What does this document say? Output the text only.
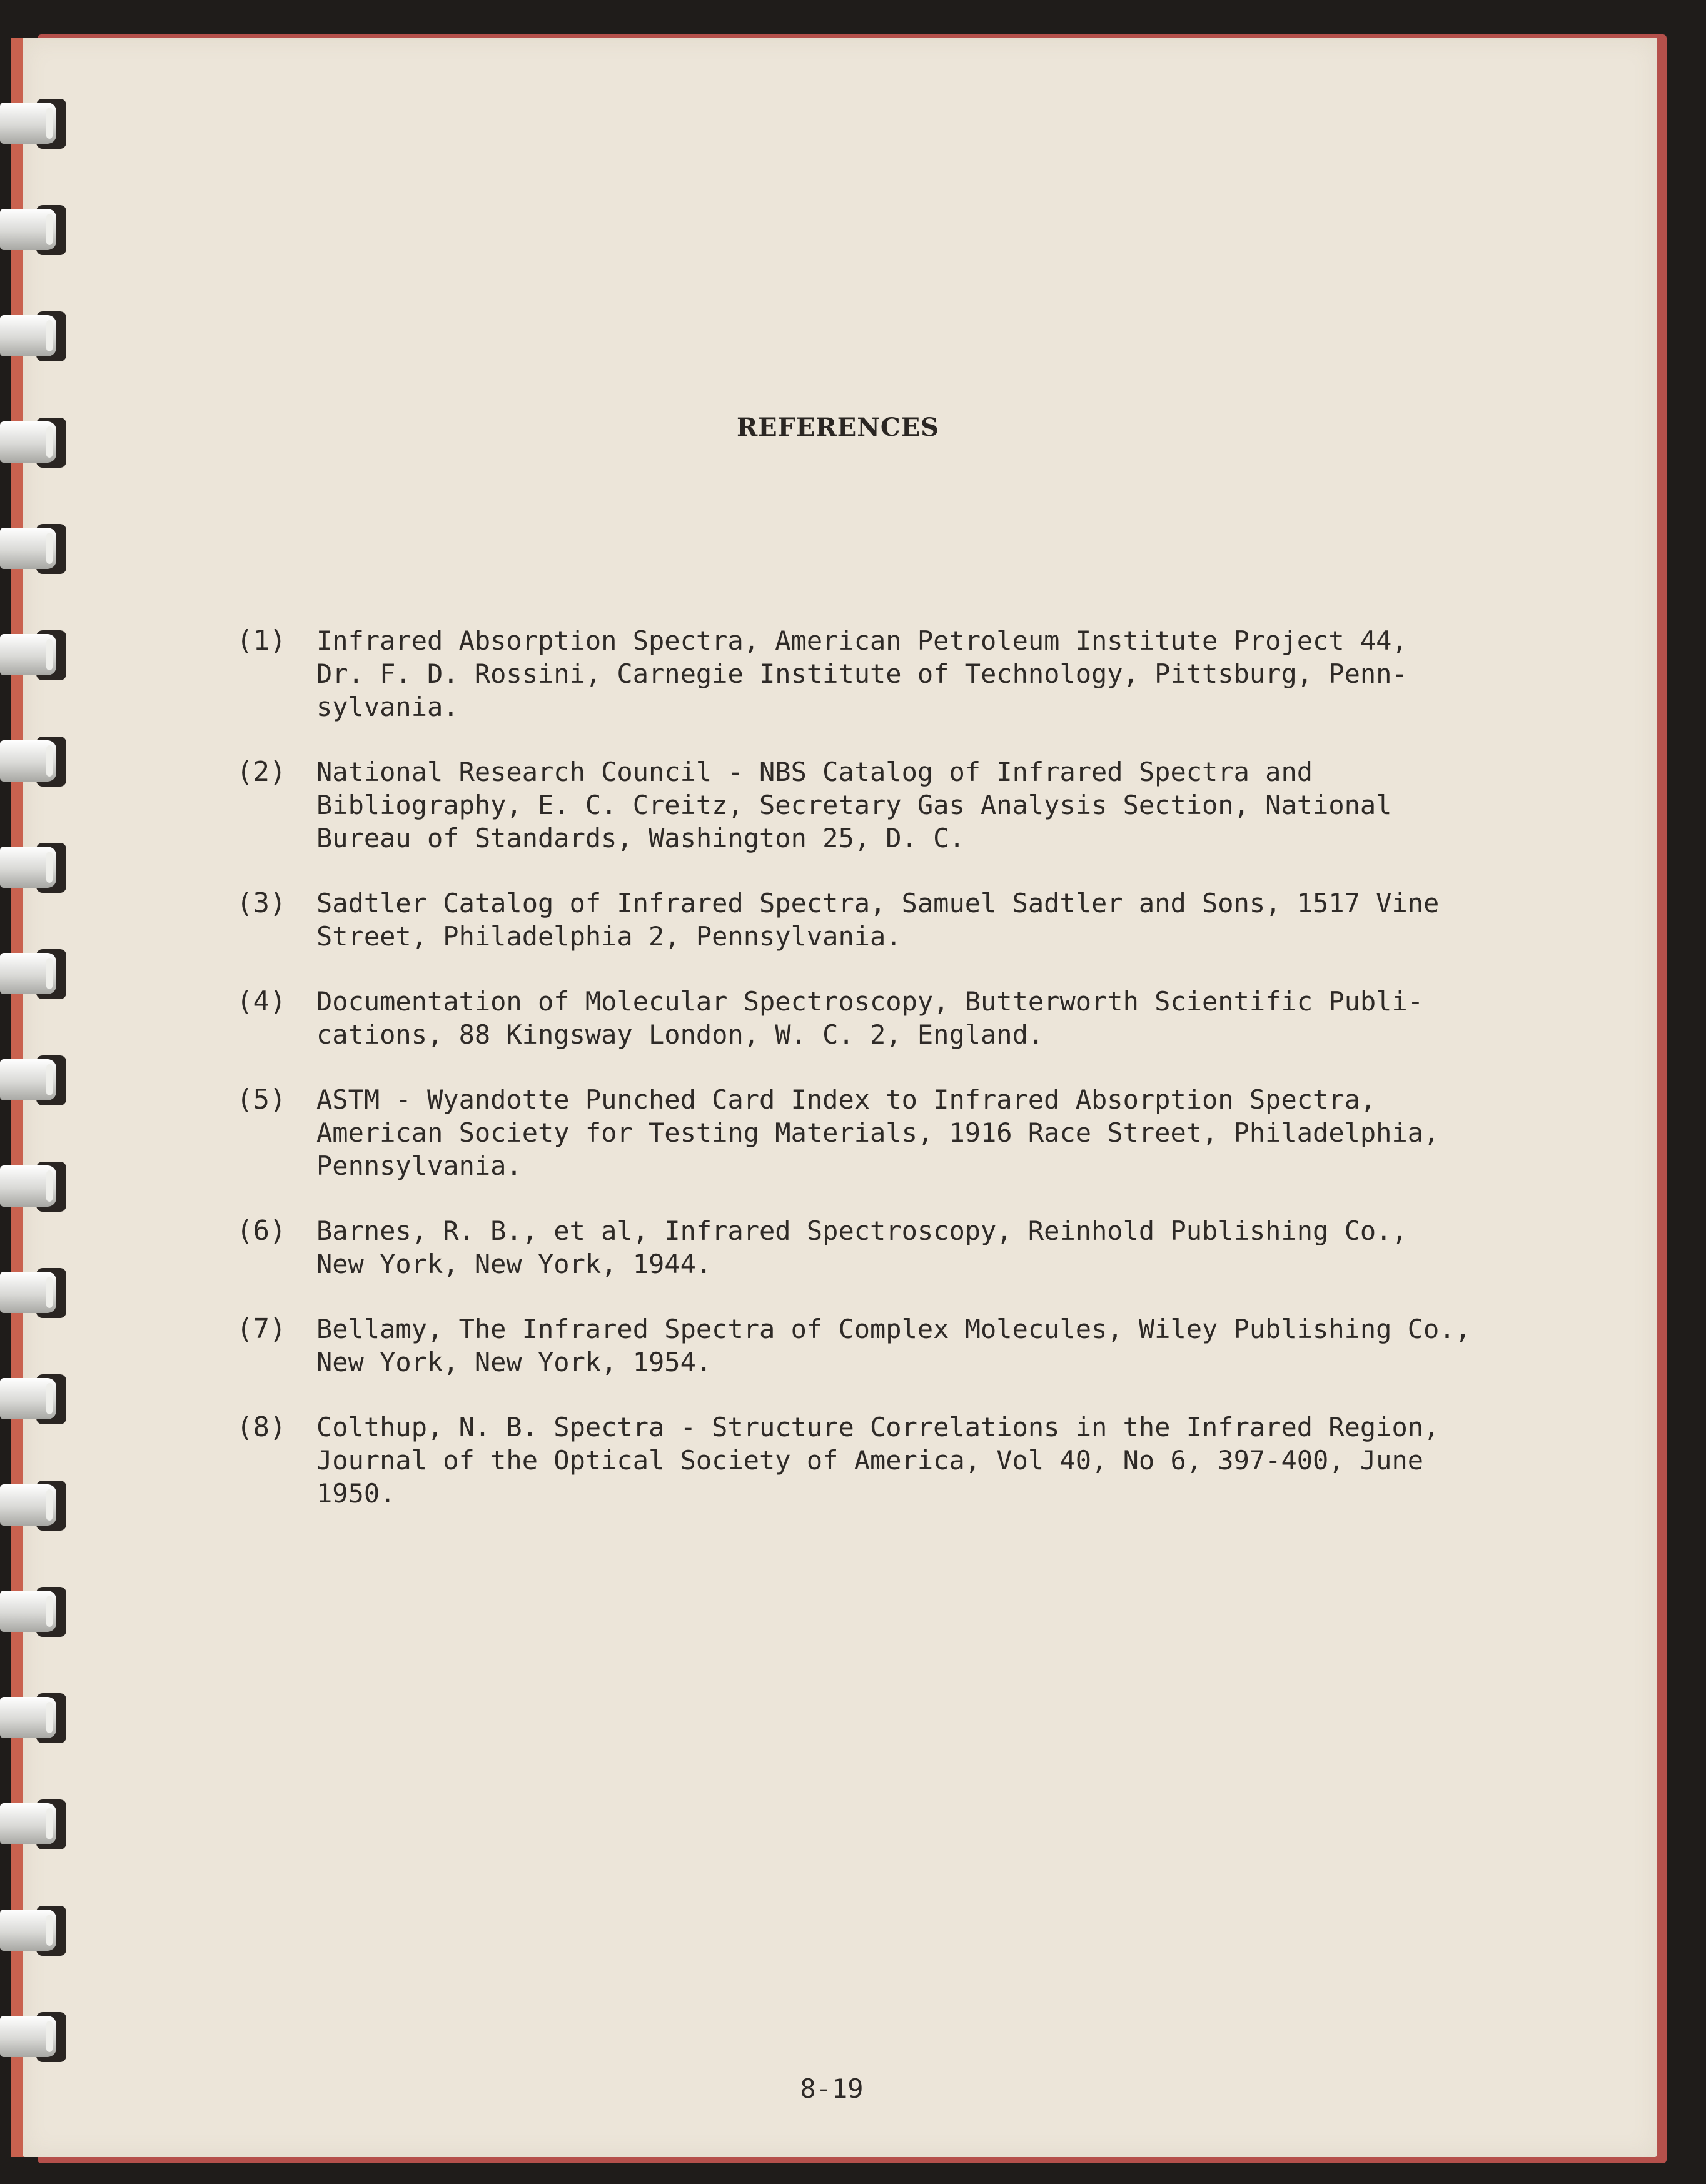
REFERENCES
(1) Infrared Absorption Spectra, American Petroleum Institute Project 44,
Dr. F. D. Rossini, Carnegie Institute of Technology, Pittsburg, Penn-
sylvania.
(2) National Research Council - NBS Catalog of Infrared Spectra and
Bibliography, E. C. Creitz, Secretary Gas Analysis Section, National
Bureau of Standards, Washington 25, D. C.
(3) Sadtler Catalog of Infrared Spectra, Samuel Sadtler and Sons, 1517 Vine
Street, Philadelphia 2, Pennsylvania.
(4) Documentation of Molecular Spectroscopy, Butterworth Scientific Publi-
cations, 88 Kingsway London, W. C. 2, England.
(5) ASTM - Wyandotte Punched Card Index to Infrared Absorption Spectra,
American Society for Testing Materials, 1916 Race Street, Philadelphia,
Pennsylvania.
(6) Barnes, R. B., et al, Infrared Spectroscopy, Reinhold Publishing Co.,
New York, New York, 1944.
(7) Bellamy, The Infrared Spectra of Complex Molecules, Wiley Publishing Co.,
New York, New York, 1954.
(8) Colthup, N. B. Spectra - Structure Correlations in the Infrared Region,
Journal of the Optical Society of America, Vol 40, No 6, 397-400, June
1950.
8-19
